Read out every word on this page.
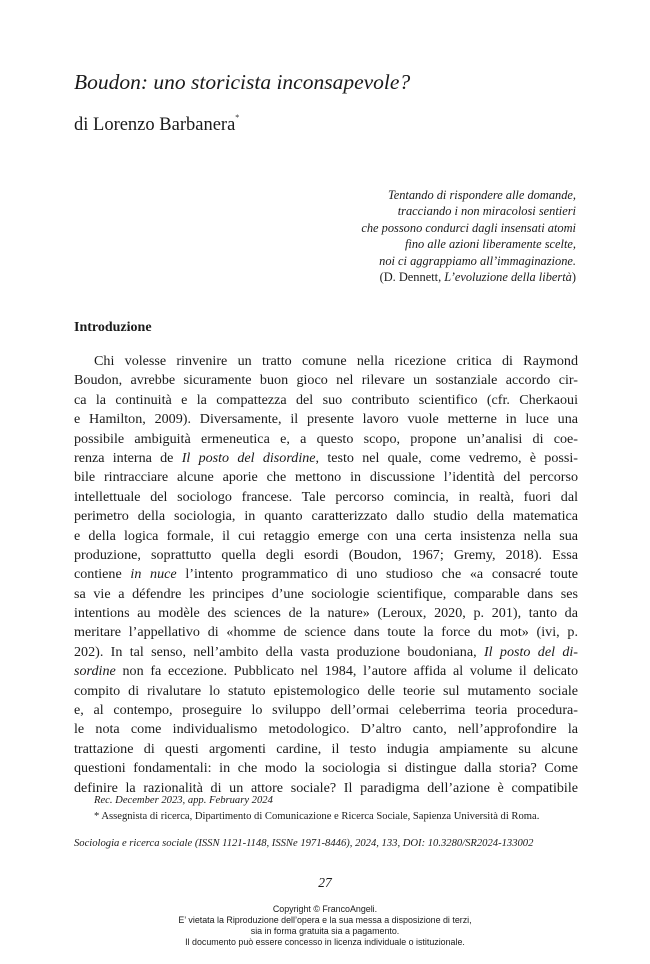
Boudon: uno storicista inconsapevole?
di Lorenzo Barbanera*
Tentando di rispondere alle domande,
tracciando i non miracolosi sentieri
che possono condurci dagli insensati atomi
fino alle azioni liberamente scelte,
noi ci aggrappiamo all’immaginazione.
(D. Dennett, L’evoluzione della libertà)
Introduzione
Chi volesse rinvenire un tratto comune nella ricezione critica di Raymond
Boudon, avrebbe sicuramente buon gioco nel rilevare un sostanziale accordo cir-
ca la continuità e la compattezza del suo contributo scientifico (cfr. Cherkaoui
e Hamilton, 2009). Diversamente, il presente lavoro vuole metterne in luce una
possibile ambiguità ermeneutica e, a questo scopo, propone un’analisi di coe-
renza interna de Il posto del disordine, testo nel quale, come vedremo, è possi-
bile rintracciare alcune aporie che mettono in discussione l’identità del percorso
intellettuale del sociologo francese. Tale percorso comincia, in realtà, fuori dal
perimetro della sociologia, in quanto caratterizzato dallo studio della matematica
e della logica formale, il cui retaggio emerge con una certa insistenza nella sua
produzione, soprattutto quella degli esordi (Boudon, 1967; Gremy, 2018). Essa
contiene in nuce l’intento programmatico di uno studioso che «a consacré toute
sa vie a défendre les principes d’une sociologie scientifique, comparable dans ses
intentions au modèle des sciences de la nature» (Leroux, 2020, p. 201), tanto da
meritare l’appellativo di «homme de science dans toute la force du mot» (ivi, p.
202). In tal senso, nell’ambito della vasta produzione boudoniana, Il posto del di-
sordine non fa eccezione. Pubblicato nel 1984, l’autore affida al volume il delicato
compito di rivalutare lo statuto epistemologico delle teorie sul mutamento sociale
e, al contempo, proseguire lo sviluppo dell’ormai celeberrima teoria procedura-
le nota come individualismo metodologico. D’altro canto, nell’approfondire la
trattazione di questi argomenti cardine, il testo indugia ampiamente su alcune
questioni fondamentali: in che modo la sociologia si distingue dalla storia? Come
definire la razionalità di un attore sociale? Il paradigma dell’azione è compatibile
Rec. December 2023, app. February 2024
* Assegnista di ricerca, Dipartimento di Comunicazione e Ricerca Sociale, Sapienza Università di Roma.
Sociologia e ricerca sociale (ISSN 1121-1148, ISSNe 1971-8446), 2024, 133, DOI: 10.3280/SR2024-133002
27
Copyright © FrancoAngeli.
E’ vietata la Riproduzione dell’opera e la sua messa a disposizione di terzi,
sia in forma gratuita sia a pagamento.
Il documento può essere concesso in licenza individuale o istituzionale.
